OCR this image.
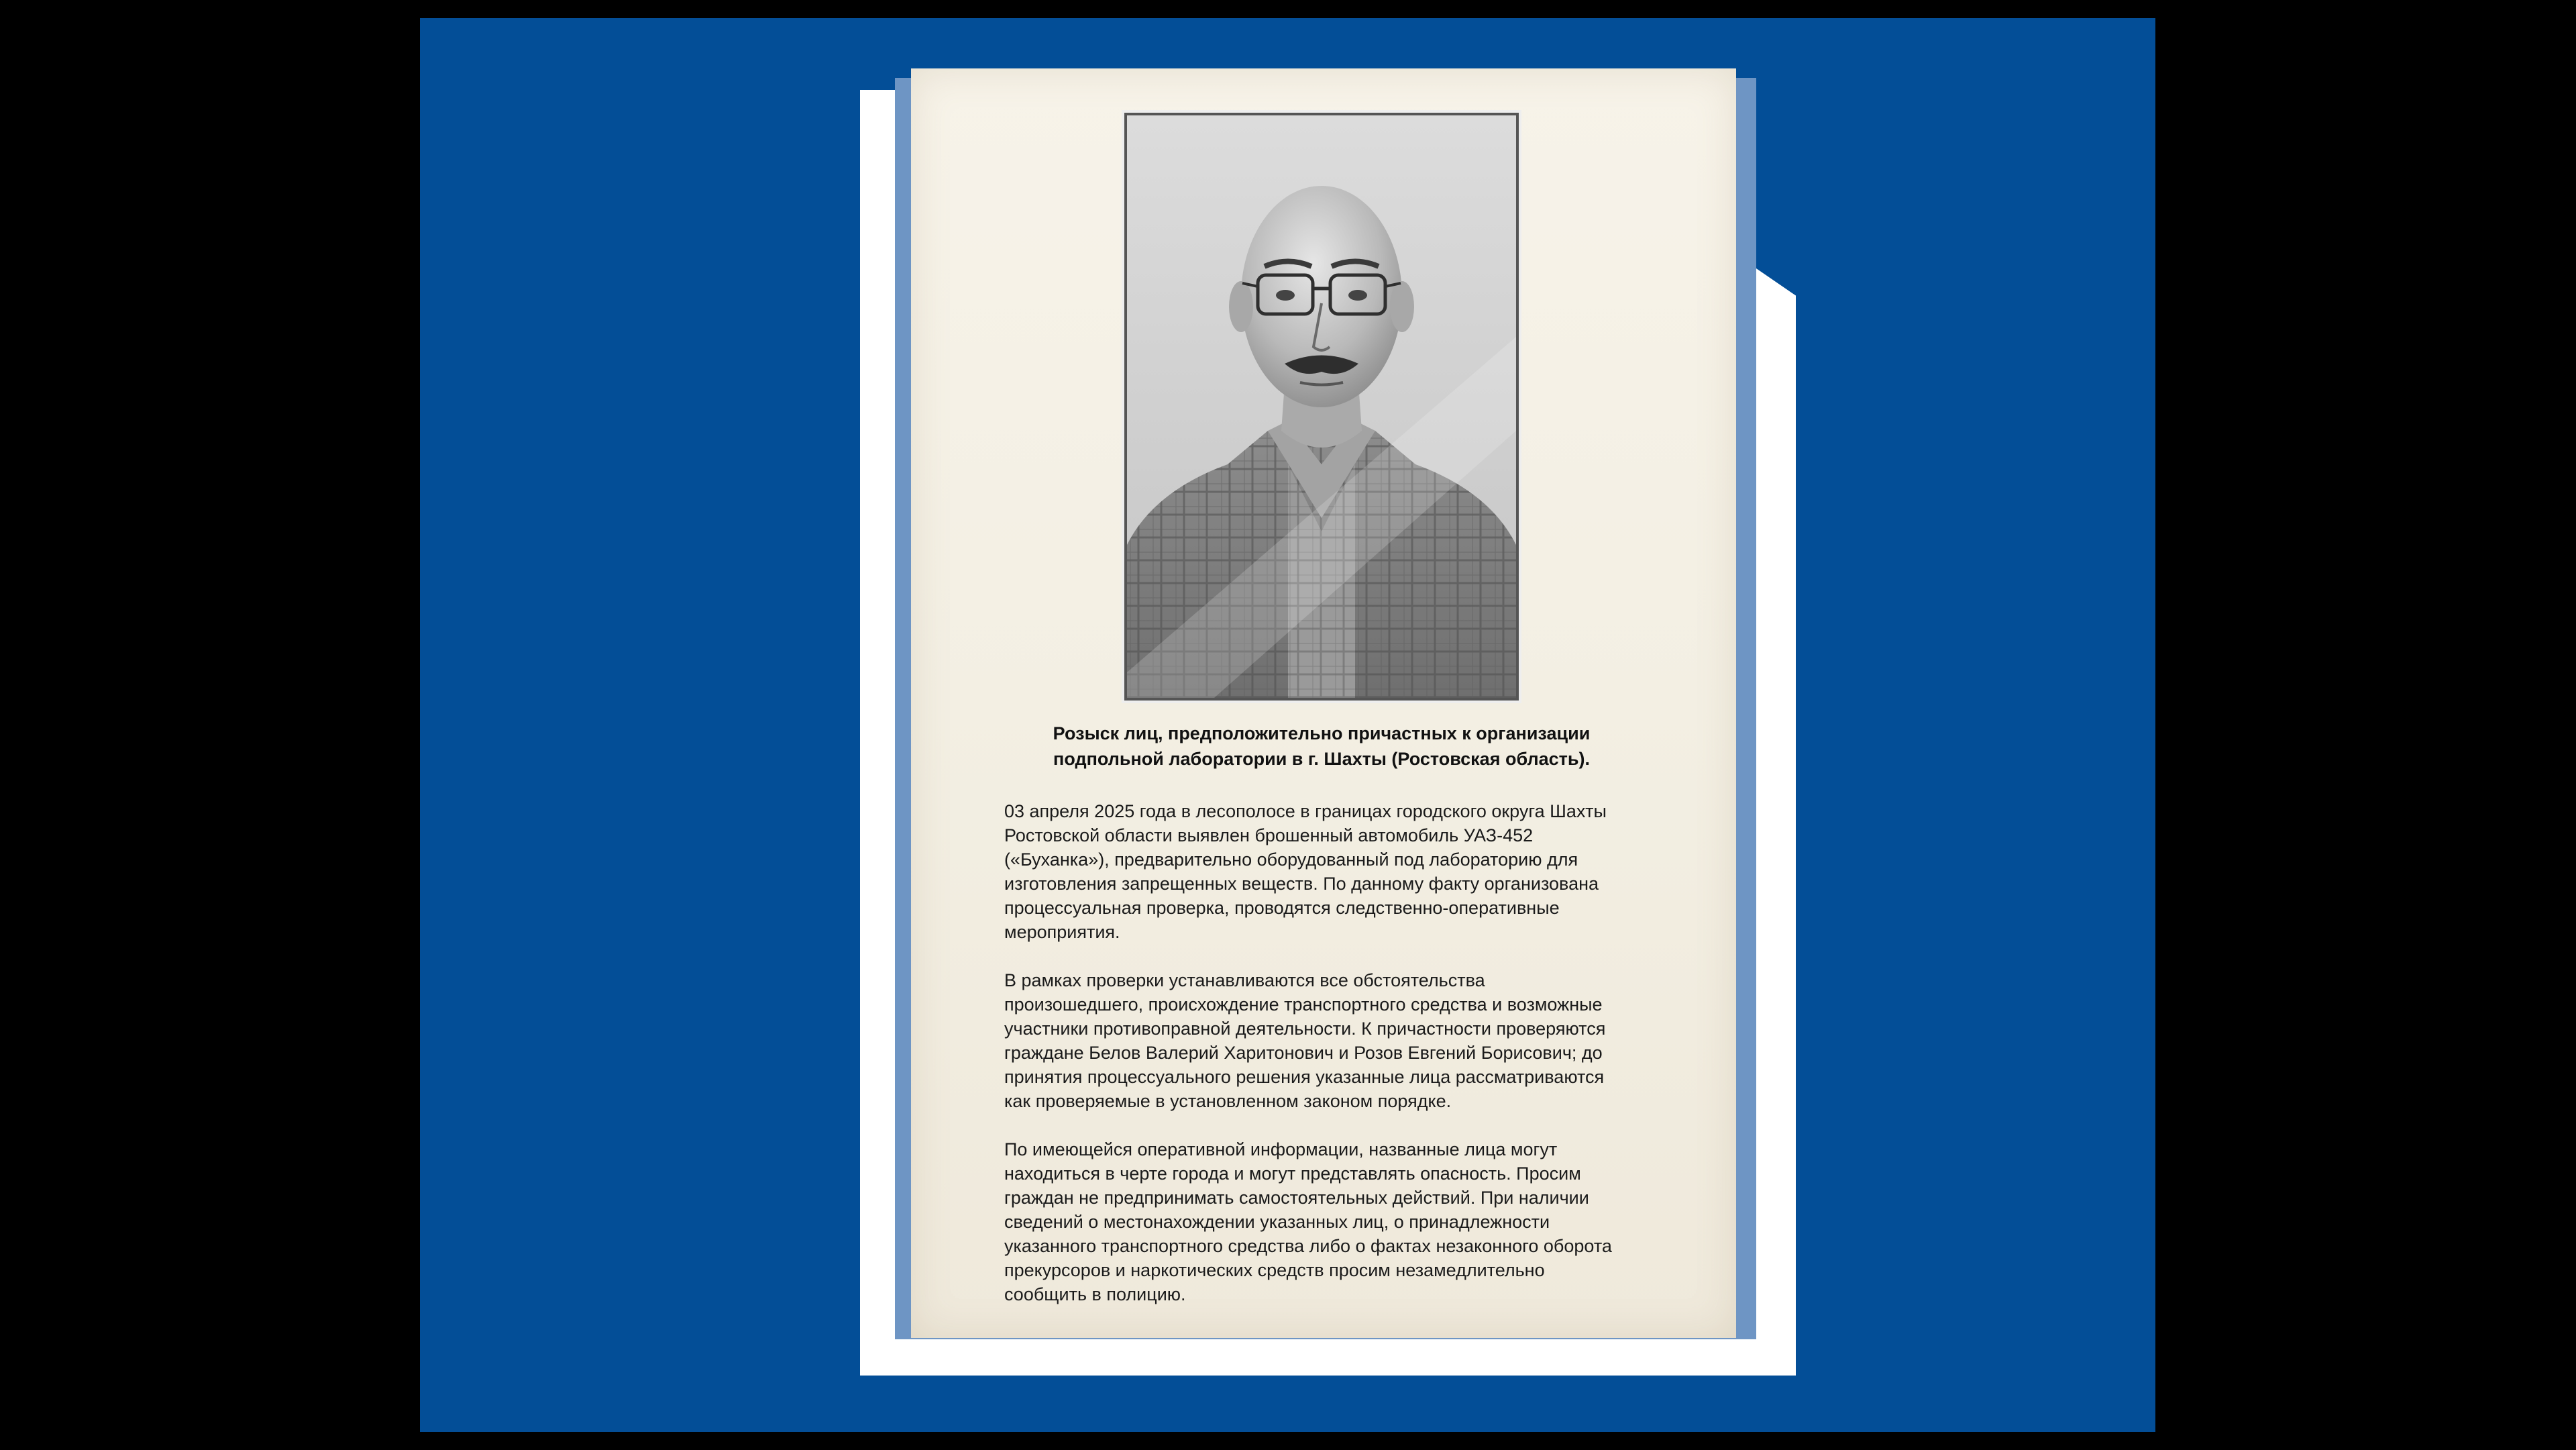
Розыск лиц, предположительно причастных к организации
подпольной лаборатории в г. Шахты (Ростовская область).
03 апреля 2025 года в лесополосе в границах городского округа Шахты
Ростовской области выявлен брошенный автомобиль УАЗ-452
(«Буханка»), предварительно оборудованный под лабораторию для
изготовления запрещенных веществ. По данному факту организована
процессуальная проверка, проводятся следственно-оперативные
мероприятия.
В рамках проверки устанавливаются все обстоятельства
произошедшего, происхождение транспортного средства и возможные
участники противоправной деятельности. К причастности проверяются
граждане Белов Валерий Харитонович и Розов Евгений Борисович; до
принятия процессуального решения указанные лица рассматриваются
как проверяемые в установленном законом порядке.
По имеющейся оперативной информации, названные лица могут
находиться в черте города и могут представлять опасность. Просим
граждан не предпринимать самостоятельных действий. При наличии
сведений о местонахождении указанных лиц, о принадлежности
указанного транспортного средства либо о фактах незаконного оборота
прекурсоров и наркотических средств просим незамедлительно
сообщить в полицию.
